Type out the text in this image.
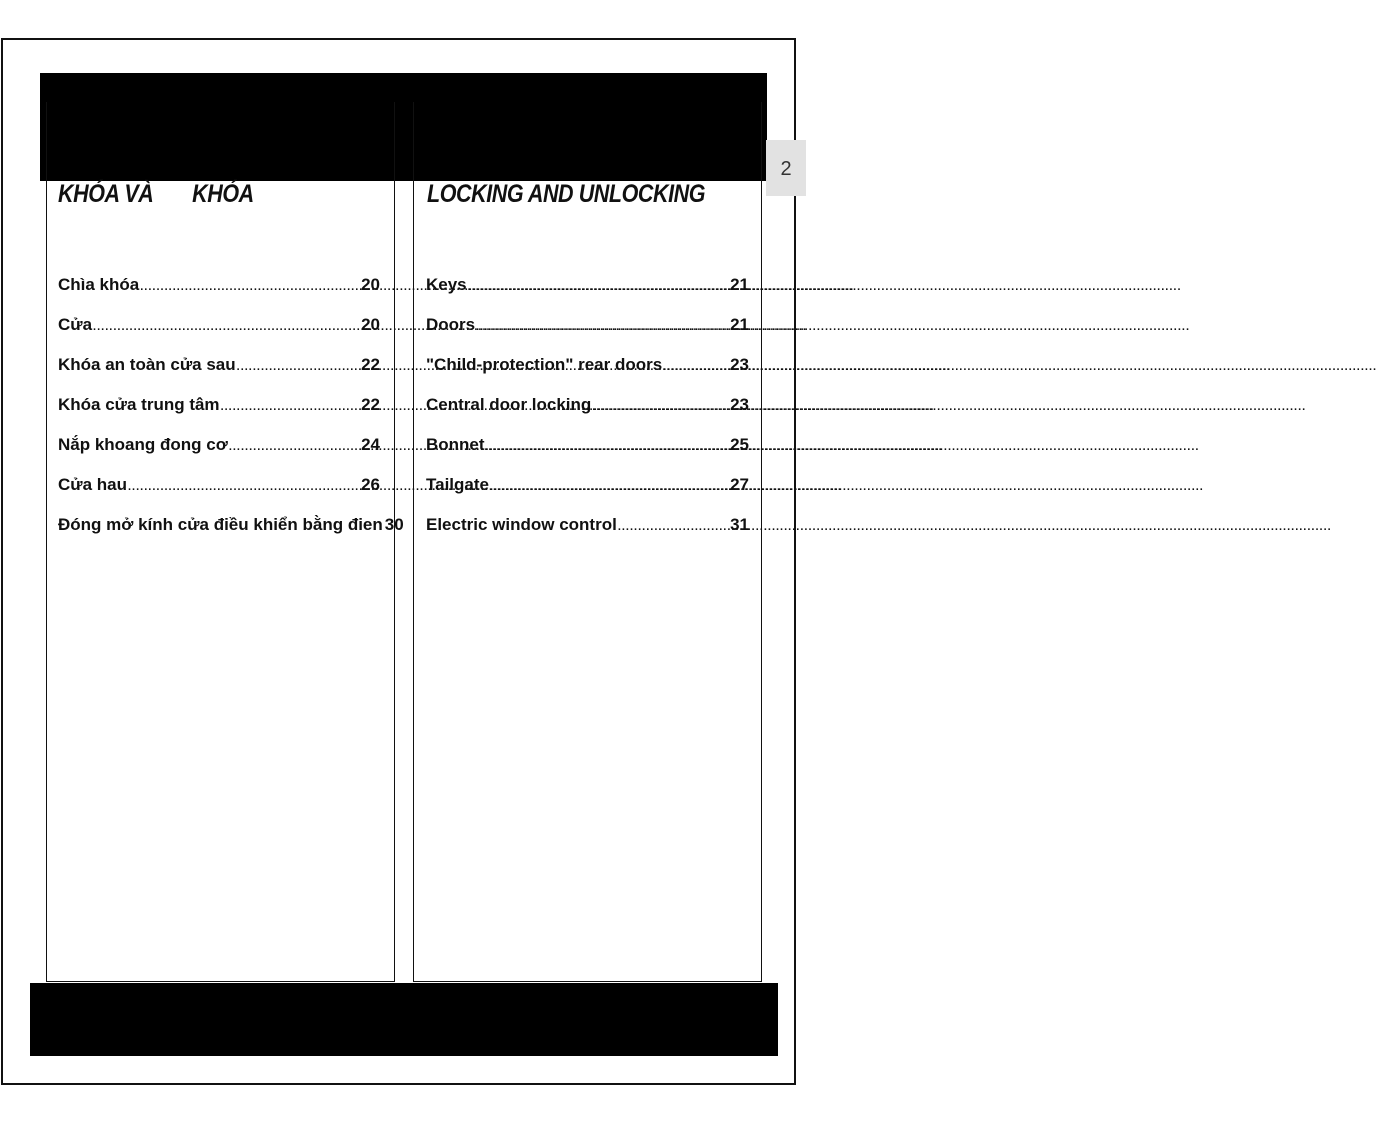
KHÓA VÀ       KHÓA	LOCKING AND UNLOCKING
Chìa khóa .....	20
Cửa .....	20
Khóa an toàn cửa sau .....	22
Khóa cửa trung tâm .....	22
Nắp khoang đong cơ .....	24
Cửa hau .....	26
Đóng mở kính cửa điều khiển bằng đien 30
Keys .....	21
Doors .....	21
"Child-protection" rear doors .....	23
Central door locking .....	23
Bonnet .....	25
Tailgate .....	27
Electric window control .....	31
2
